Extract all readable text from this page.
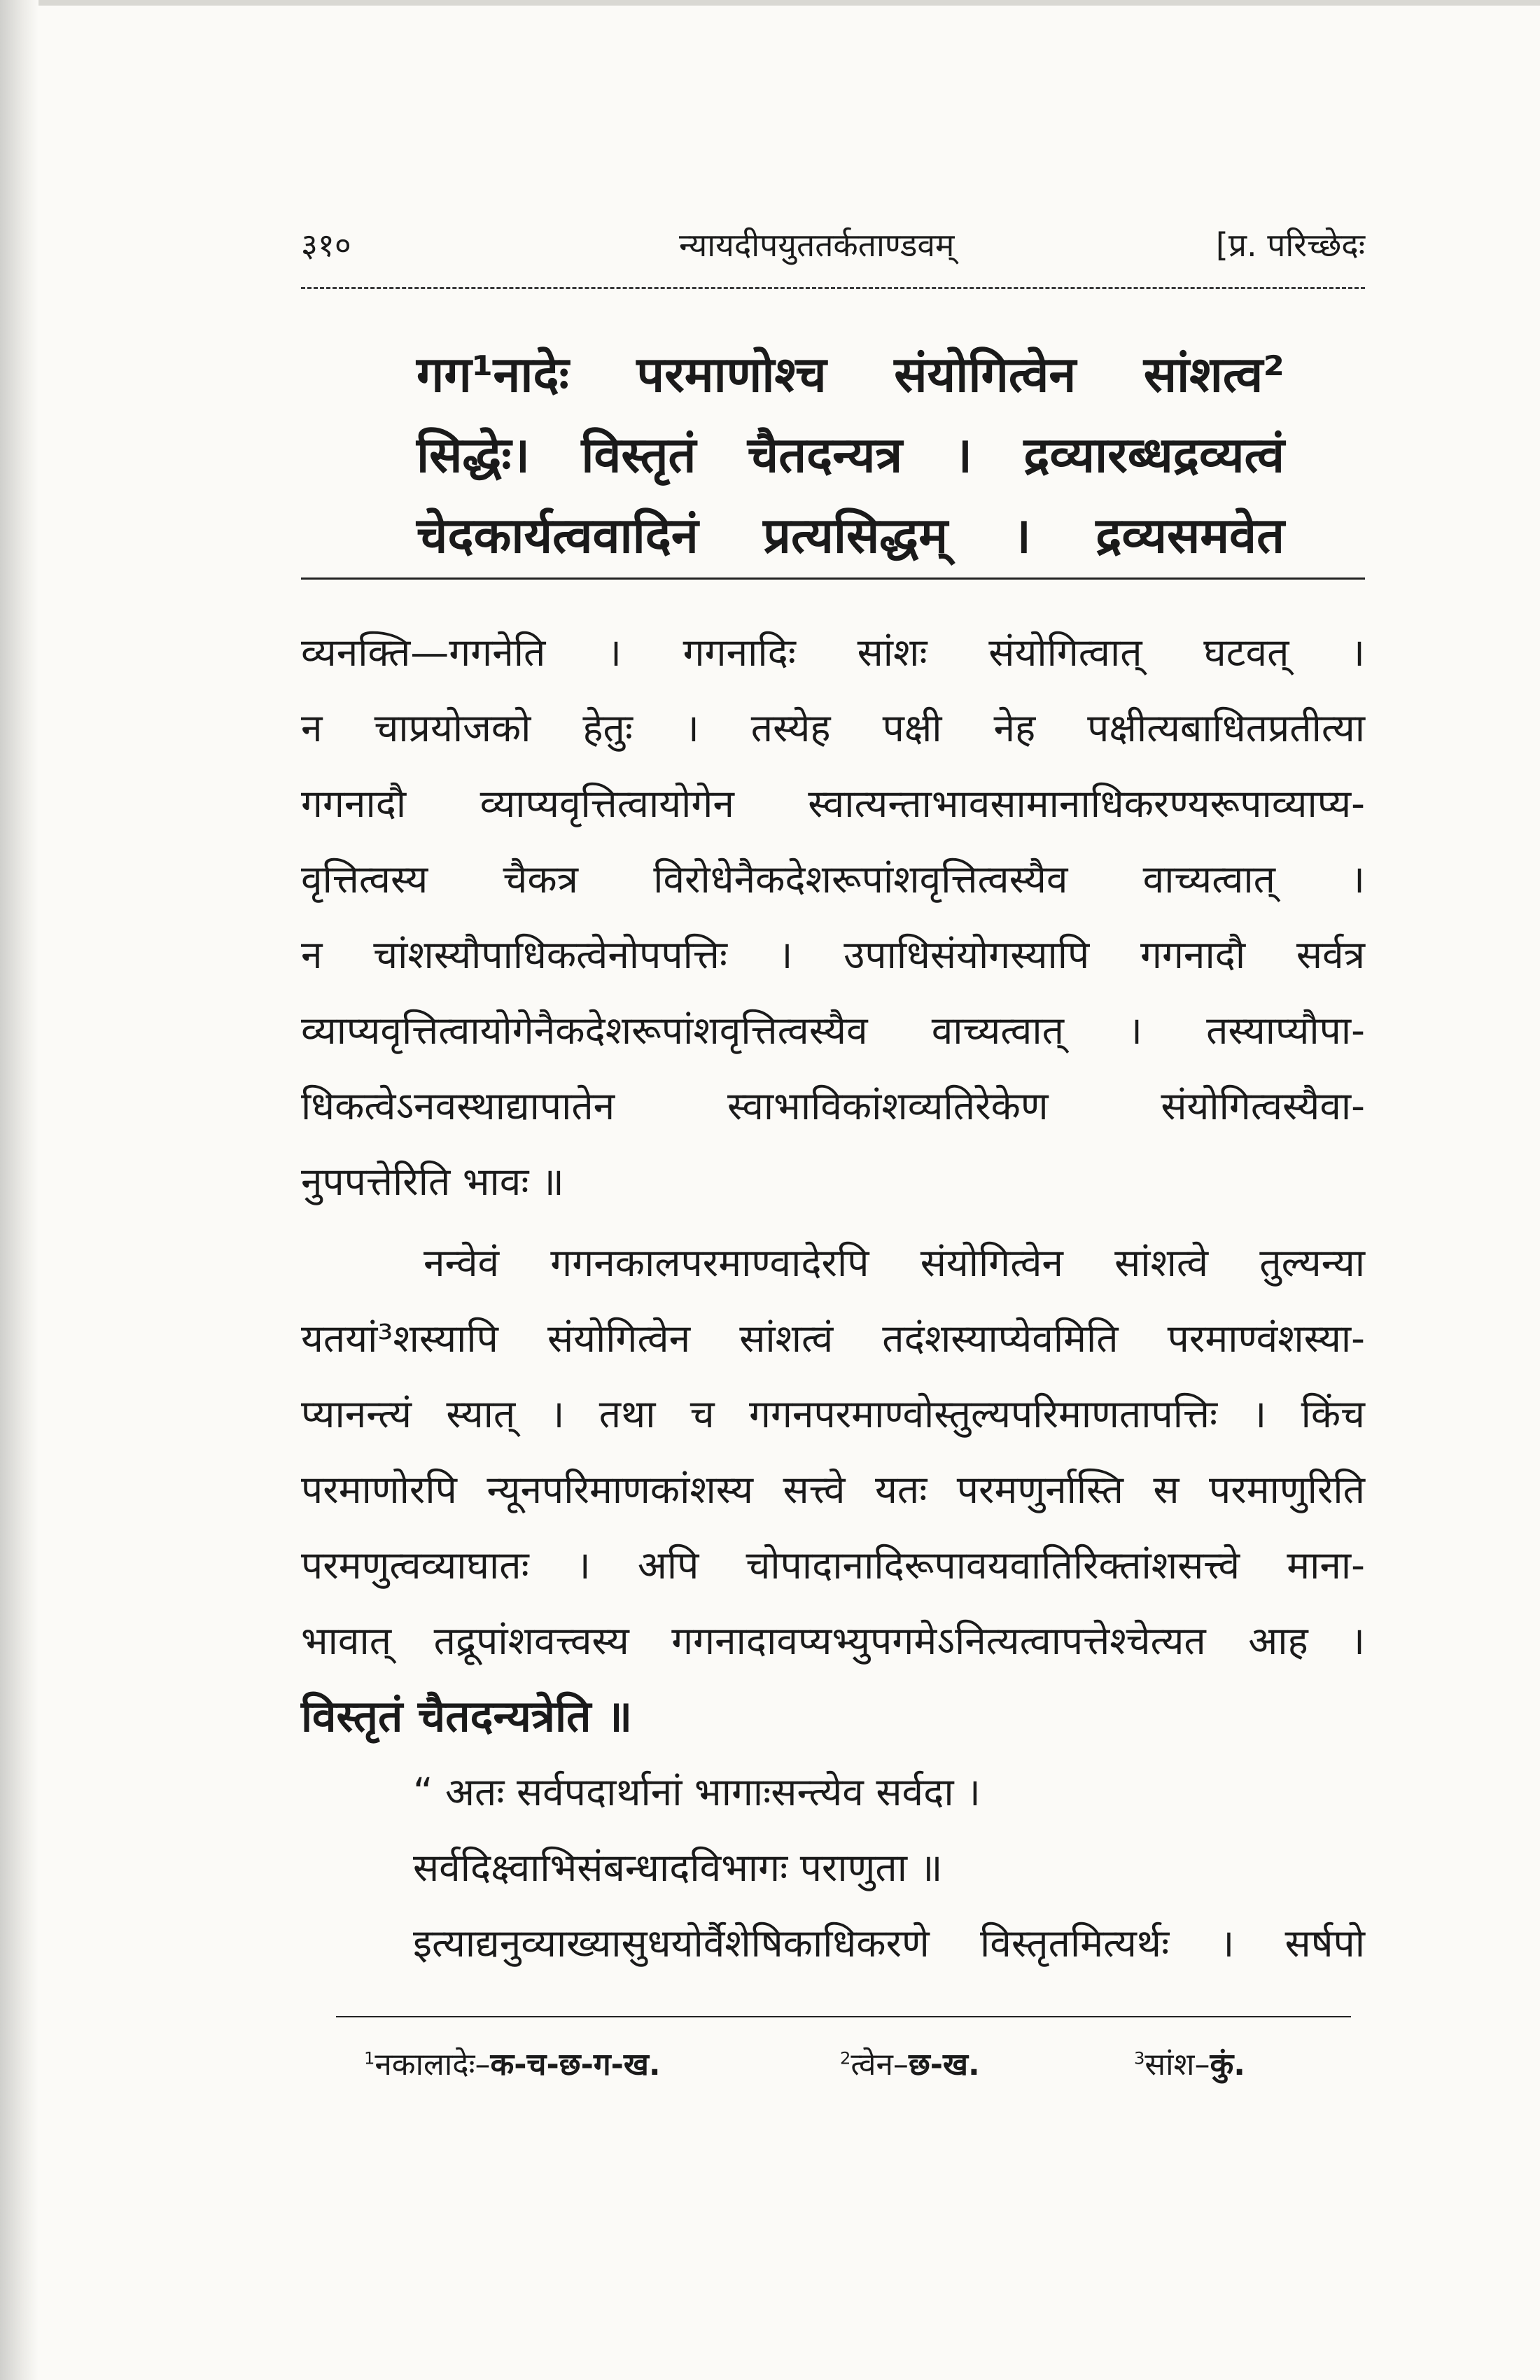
३१०	न्यायदीपयुततर्कताण्डवम्	[प्र. परिच्छेदः
गग¹नादेः परमाणोश्च संयोगित्वेन सांशत्व²
सिद्धेः। विस्तृतं चैतदन्यत्र । द्रव्यारब्धद्रव्यत्वं
चेदकार्यत्ववादिनं प्रत्यसिद्धम् । द्रव्यसमवेत
व्यनक्ति—गगनेति । गगनादिः सांशः संयोगित्वात् घटवत् ।
न चाप्रयोजको हेतुः । तस्येह पक्षी नेह पक्षीत्यबाधितप्रतीत्या
गगनादौ व्याप्यवृत्तित्वायोगेन स्वात्यन्ताभावसामानाधिकरण्यरूपाव्याप्य-
वृत्तित्वस्य चैकत्र विरोधेनैकदेशरूपांशवृत्तित्वस्यैव वाच्यत्वात् ।
न चांशस्यौपाधिकत्वेनोपपत्तिः । उपाधिसंयोगस्यापि गगनादौ सर्वत्र
व्याप्यवृत्तित्वायोगेनैकदेशरूपांशवृत्तित्वस्यैव वाच्यत्वात् । तस्याप्यौपा-
धिकत्वेऽनवस्थाद्यापातेन स्वाभाविकांशव्यतिरेकेण संयोगित्वस्यैवा-
नुपपत्तेरिति भावः ॥
नन्वेवं गगनकालपरमाण्वादेरपि संयोगित्वेन सांशत्वे तुल्यन्या
यतयां³शस्यापि संयोगित्वेन सांशत्वं तदंशस्याप्येवमिति परमाण्वंशस्या-
प्यानन्त्यं स्यात् । तथा च गगनपरमाण्वोस्तुल्यपरिमाणतापत्तिः । किंच
परमाणोरपि न्यूनपरिमाणकांशस्य सत्त्वे यतः परमणुर्नास्ति स परमाणुरिति
परमणुत्वव्याघातः । अपि चोपादानादिरूपावयवातिरिक्तांशसत्त्वे माना-
भावात् तद्रूपांशवत्त्वस्य गगनादावप्यभ्युपगमेऽनित्यत्वापत्तेश्चेत्यत आह ।
विस्तृतं चैतदन्यत्रेति ॥
“ अतः सर्वपदार्थानां भागाःसन्त्येव सर्वदा ।
सर्वदिक्ष्वाभिसंबन्धादविभागः पराणुता ॥
इत्याद्यनुव्याख्यासुधयोर्वैशेषिकाधिकरणे विस्तृतमित्यर्थः । सर्षपो
$^1$नकालादेः–क-च-छ-ग-ख.	$^2$त्वेन–छ-ख.	$^3$सांश–कुं.
